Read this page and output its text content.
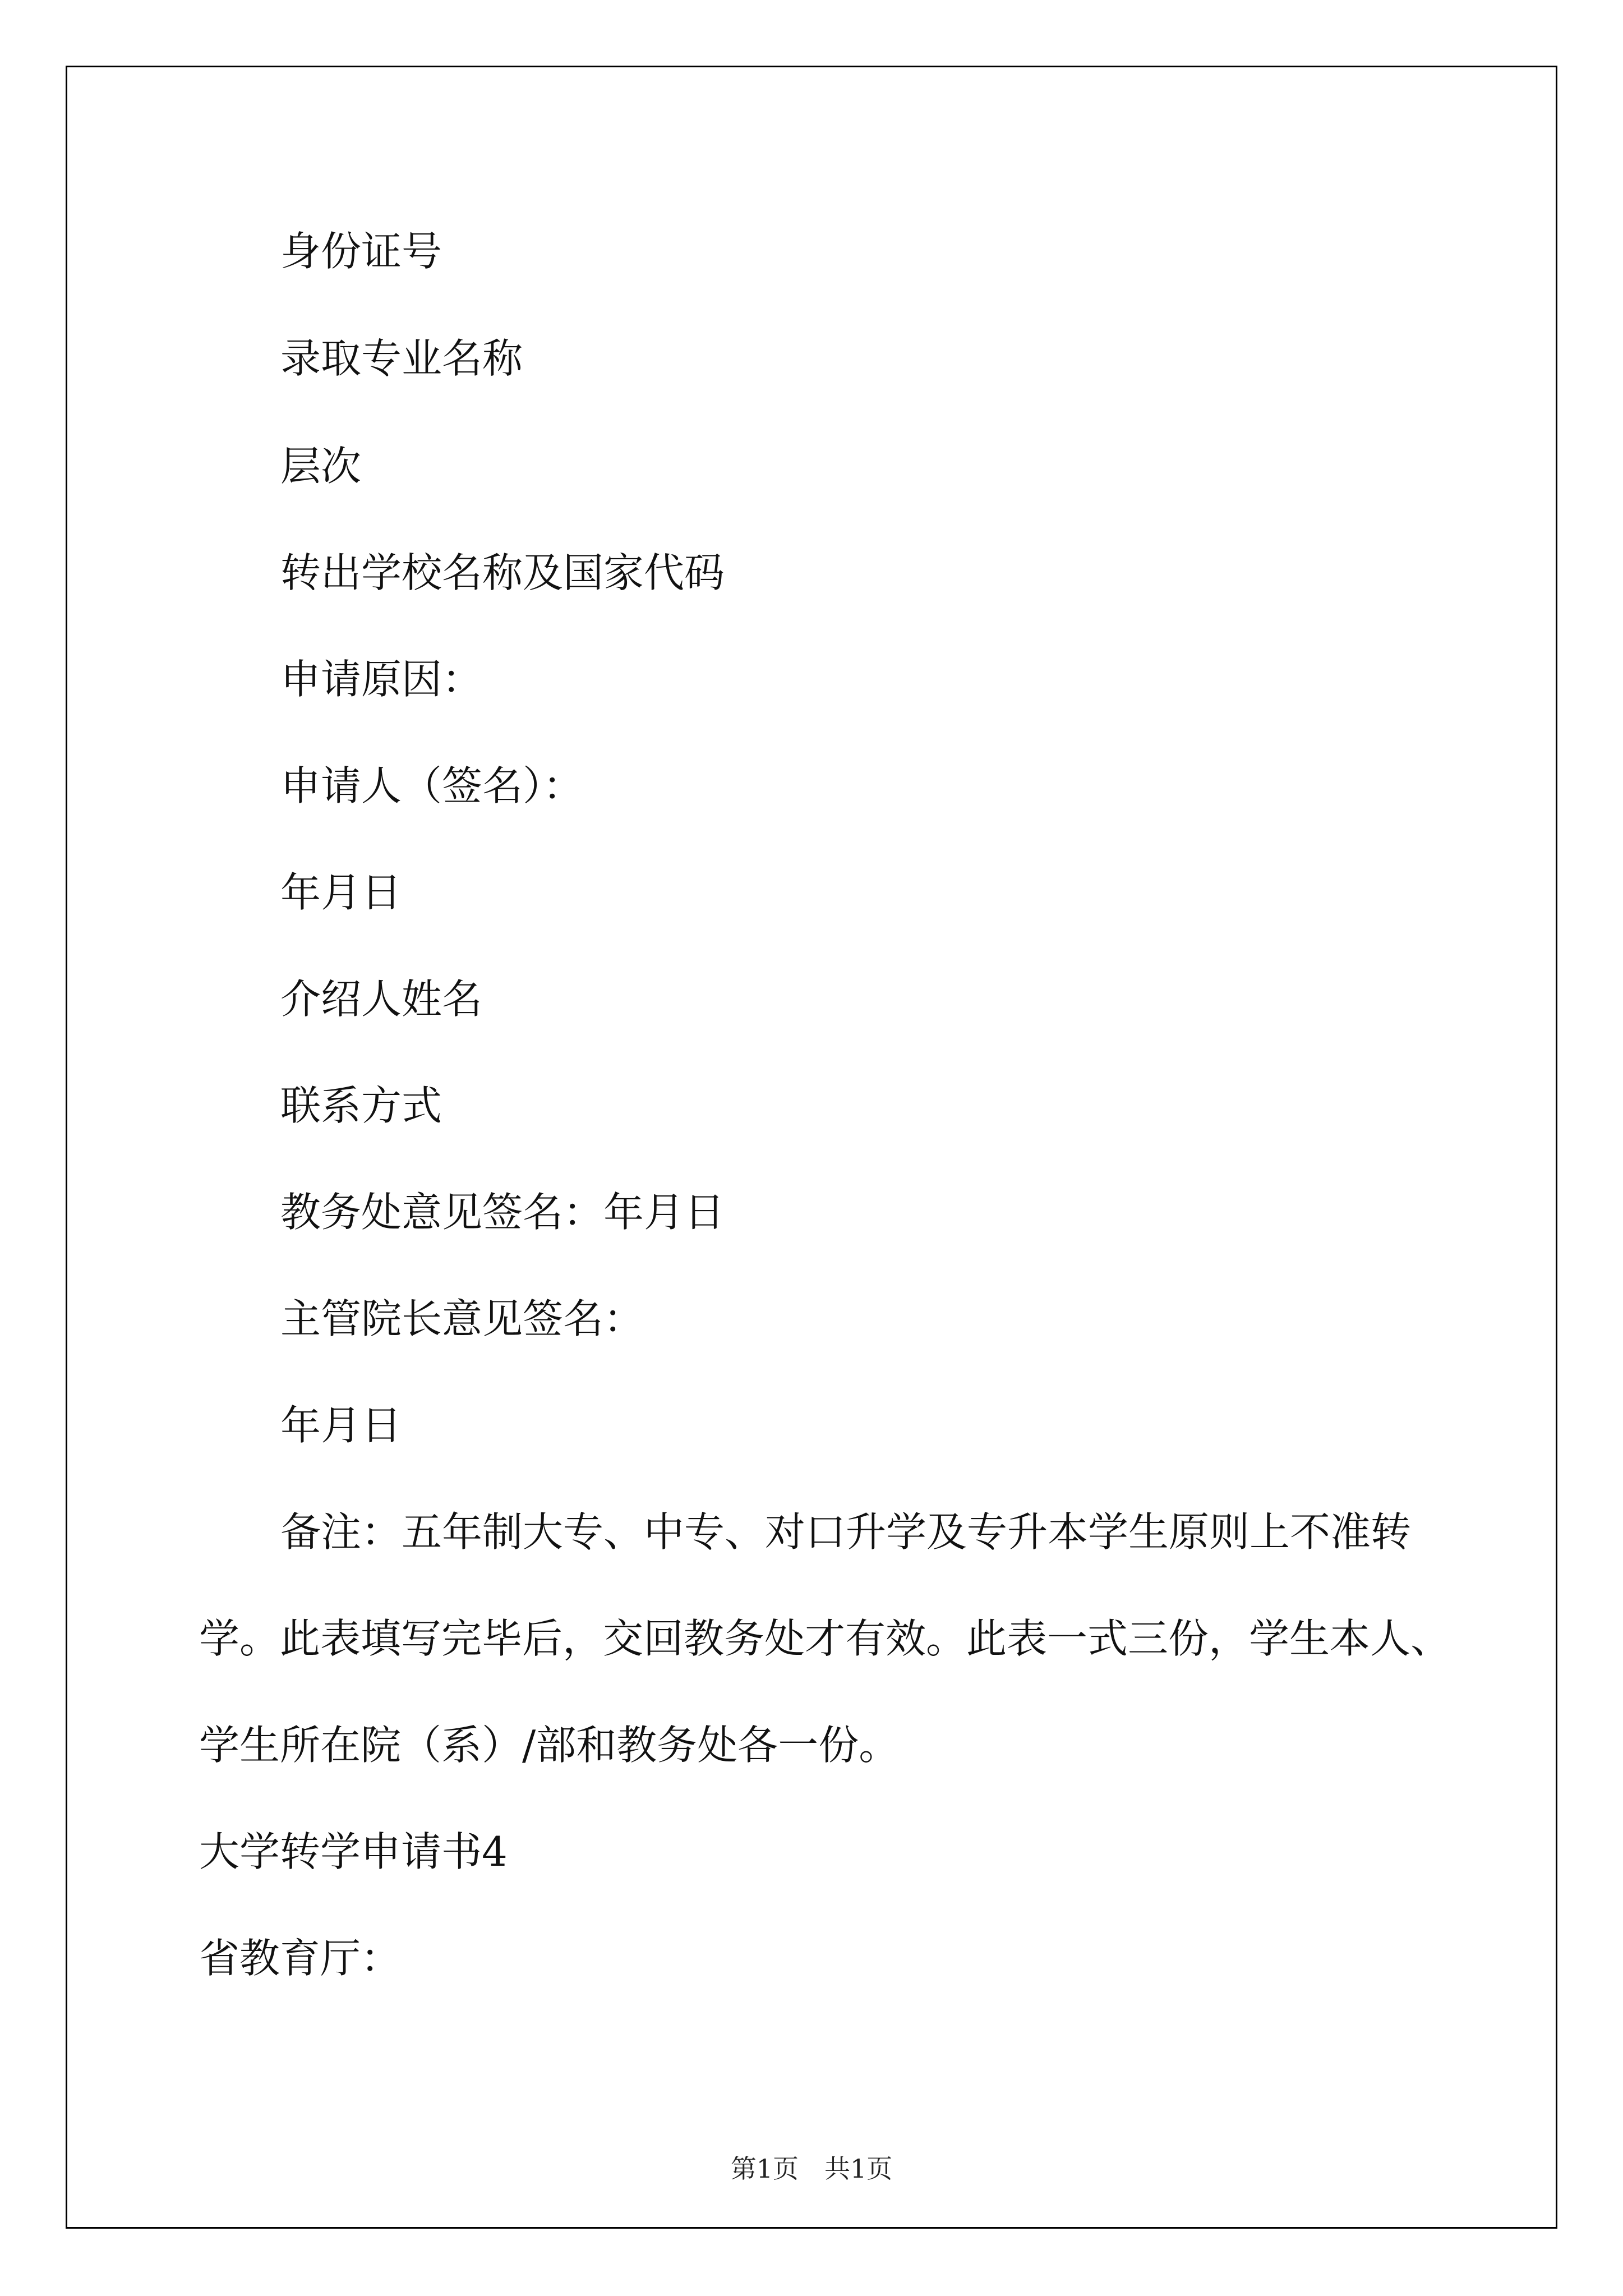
身份证号
录取专业名称
层次
转出学校名称及国家代码
申请原因：
申请人（签名）：
年月日
介绍人姓名
联系方式
教务处意见签名：年月日
主管院长意见签名：
年月日
备注：五年制大专、中专、对口升学及专升本学生原则上不准转
学。此表填写完毕后，交回教务处才有效。此表一式三份，学生本人、
学生所在院（系）/部和教务处各一份。
大学转学申请书4
省教育厅：
第1页　共1页
